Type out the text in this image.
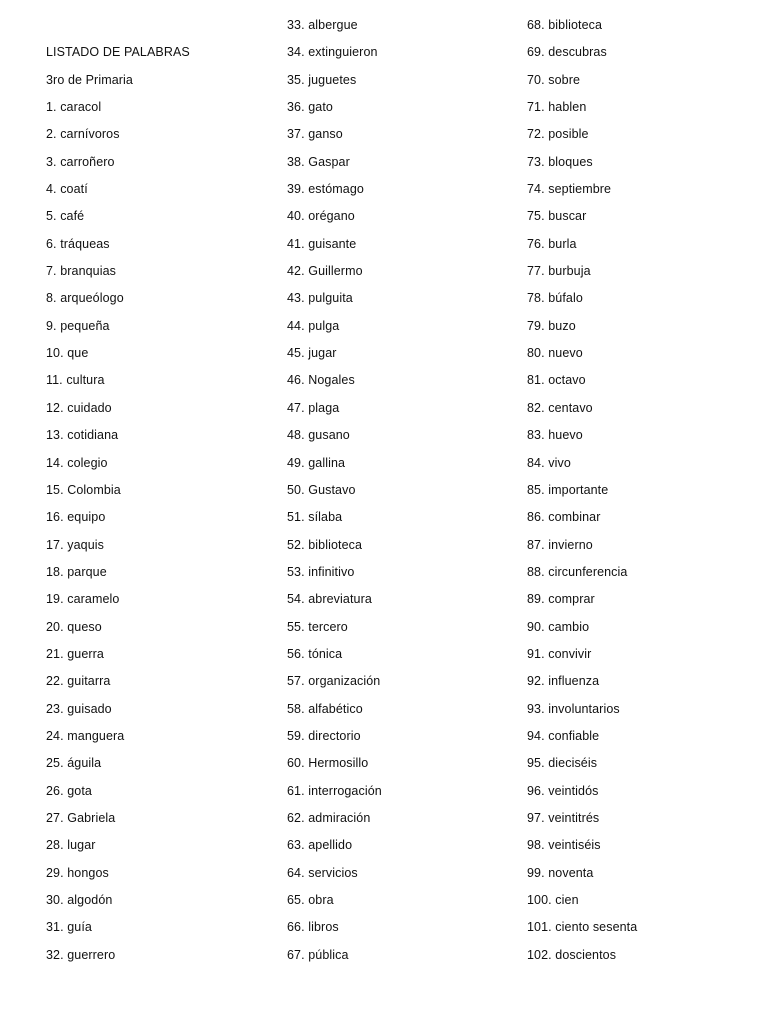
LISTADO DE PALABRAS
3ro de Primaria
1. caracol
2. carnívoros
3. carroñero
4. coatí
5. café
6. tráqueas
7. branquias
8. arqueólogo
9. pequeña
10. que
11. cultura
12. cuidado
13. cotidiana
14. colegio
15. Colombia
16. equipo
17. yaquis
18. parque
19. caramelo
20. queso
21. guerra
22. guitarra
23. guisado
24. manguera
25. águila
26. gota
27. Gabriela
28. lugar
29. hongos
30. algodón
31. guía
32. guerrero
33. albergue
34. extinguieron
35. juguetes
36. gato
37. ganso
38. Gaspar
39. estómago
40. orégano
41. guisante
42. Guillermo
43. pulguita
44. pulga
45. jugar
46. Nogales
47. plaga
48. gusano
49. gallina
50. Gustavo
51. sílaba
52. biblioteca
53. infinitivo
54. abreviatura
55. tercero
56. tónica
57. organización
58. alfabético
59. directorio
60. Hermosillo
61. interrogación
62. admiración
63. apellido
64. servicios
65. obra
66. libros
67. pública
68. biblioteca
69. descubras
70. sobre
71. hablen
72. posible
73. bloques
74. septiembre
75. buscar
76. burla
77. burbuja
78. búfalo
79. buzo
80. nuevo
81. octavo
82. centavo
83. huevo
84. vivo
85. importante
86. combinar
87. invierno
88. circunferencia
89. comprar
90. cambio
91. convivir
92. influenza
93. involuntarios
94. confiable
95. dieciséis
96. veintidós
97. veintitrés
98. veintiséis
99. noventa
100. cien
101. ciento sesenta
102. doscientos
